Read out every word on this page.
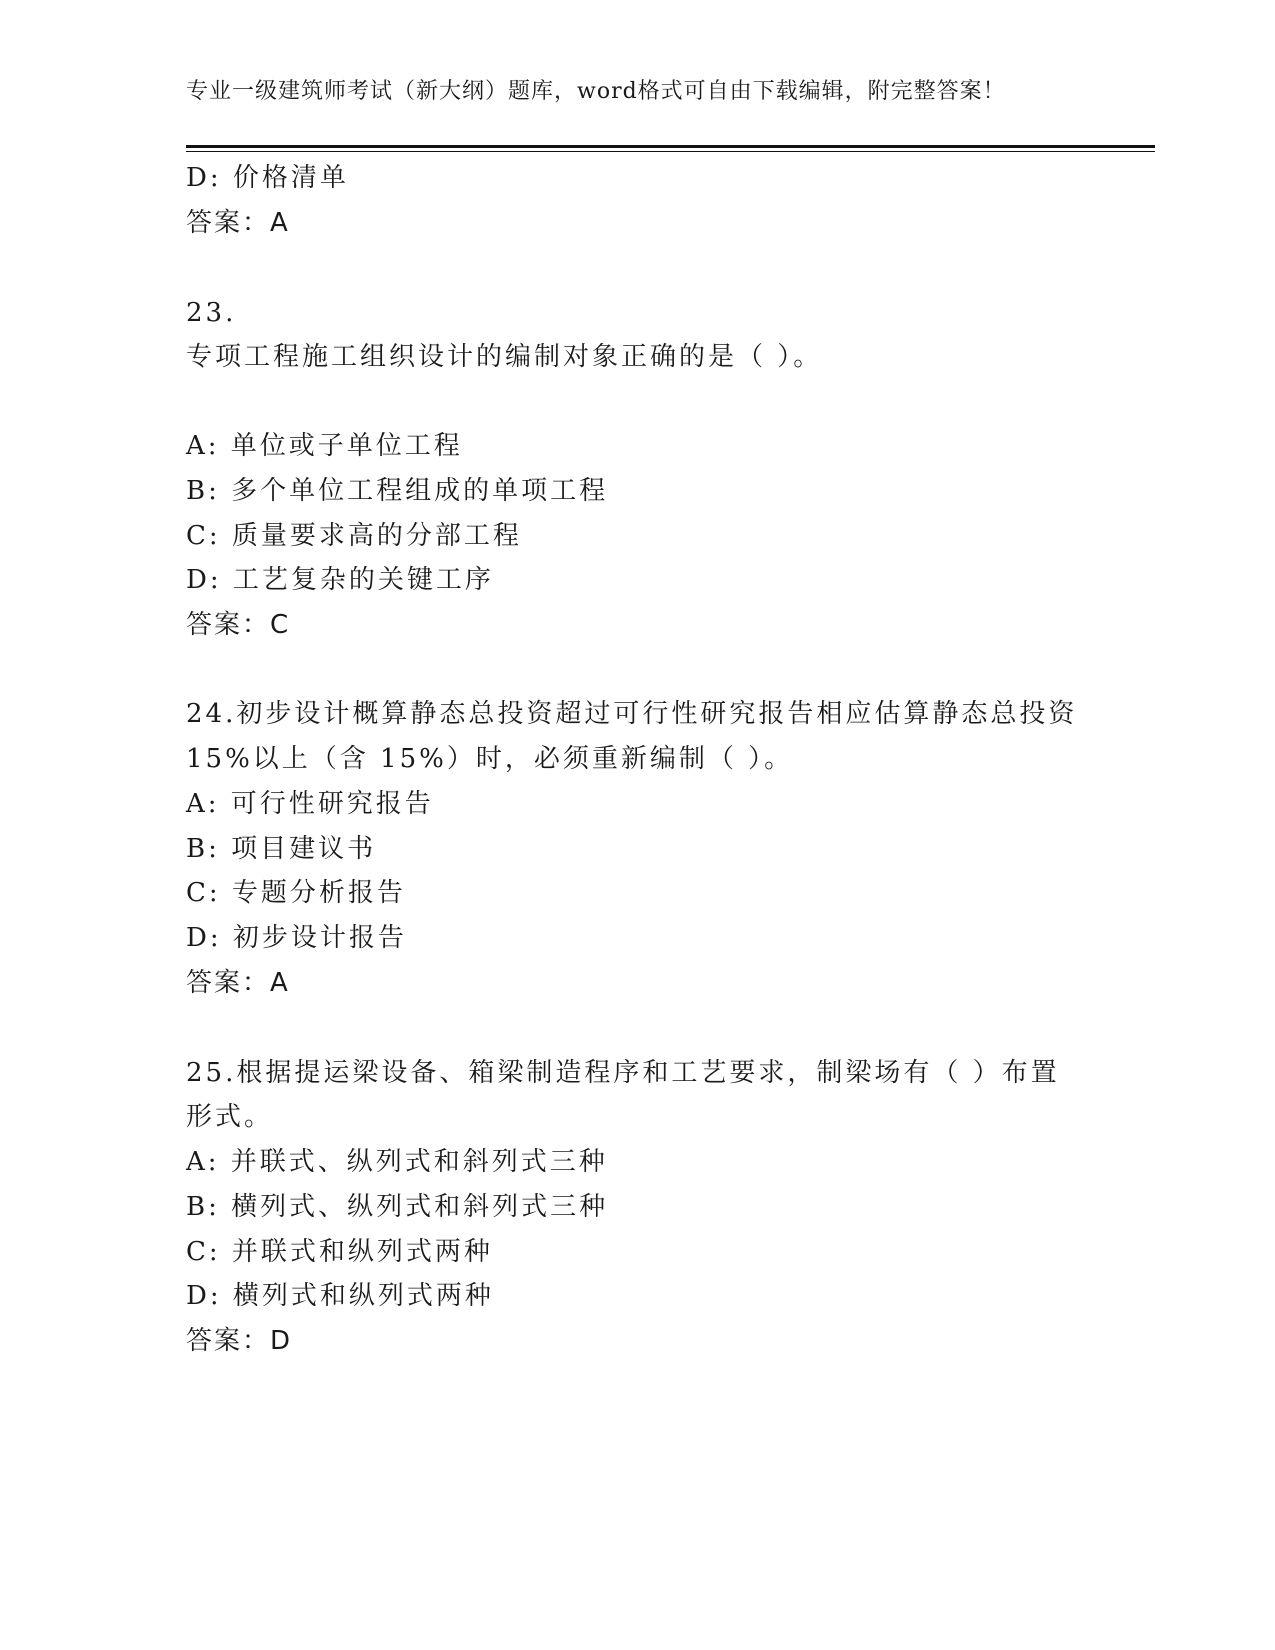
专业一级建筑师考试（新大纲）题库，word格式可自由下载编辑，附完整答案！
D: 价格清单
答案：A
23.
专项工程施工组织设计的编制对象正确的是（ ）。
A: 单位或子单位工程
B: 多个单位工程组成的单项工程
C: 质量要求高的分部工程
D: 工艺复杂的关键工序
答案：C
24.初步设计概算静态总投资超过可行性研究报告相应估算静态总投资
15%以上（含 15%）时，必须重新编制（ ）。
A: 可行性研究报告
B: 项目建议书
C: 专题分析报告
D: 初步设计报告
答案：A
25.根据提运梁设备、箱梁制造程序和工艺要求，制梁场有（ ）布置
形式。
A: 并联式、纵列式和斜列式三种
B: 横列式、纵列式和斜列式三种
C: 并联式和纵列式两种
D: 横列式和纵列式两种
答案：D
